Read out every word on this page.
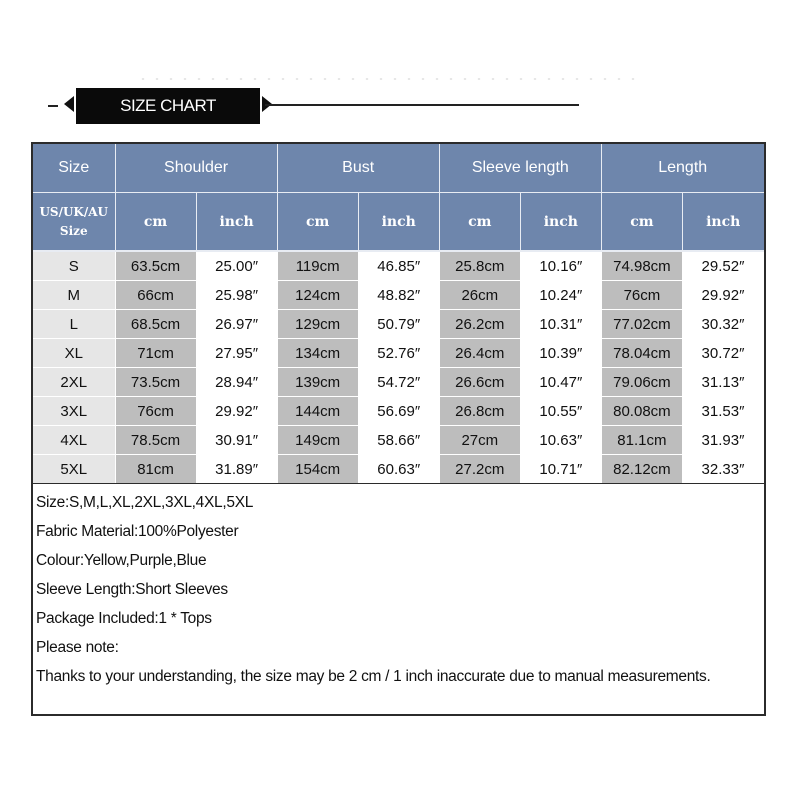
SIZE CHART
Size	Shoulder		Bust		Sleeve length		Length	
US/UK/AU
Size	cm	inch	cm	inch	cm	inch	cm	inch
S	63.5cm	25.00″	119cm	46.85″	25.8cm	10.16″	74.98cm	29.52″
M	66cm	25.98″	124cm	48.82″	26cm	10.24″	76cm	29.92″
L	68.5cm	26.97″	129cm	50.79″	26.2cm	10.31″	77.02cm	30.32″
XL	71cm	27.95″	134cm	52.76″	26.4cm	10.39″	78.04cm	30.72″
2XL	73.5cm	28.94″	139cm	54.72″	26.6cm	10.47″	79.06cm	31.13″
3XL	76cm	29.92″	144cm	56.69″	26.8cm	10.55″	80.08cm	31.53″
4XL	78.5cm	30.91″	149cm	58.66″	27cm	10.63″	81.1cm	31.93″
5XL	81cm	31.89″	154cm	60.63″	27.2cm	10.71″	82.12cm	32.33″
Size:S,M,L,XL,2XL,3XL,4XL,5XL
Fabric Material:100%Polyester
Colour:Yellow,Purple,Blue
Sleeve Length:Short Sleeves
Package Included:1 * Tops
Please note:
Thanks to your understanding, the size may be 2 cm / 1 inch inaccurate due to manual measurements.
